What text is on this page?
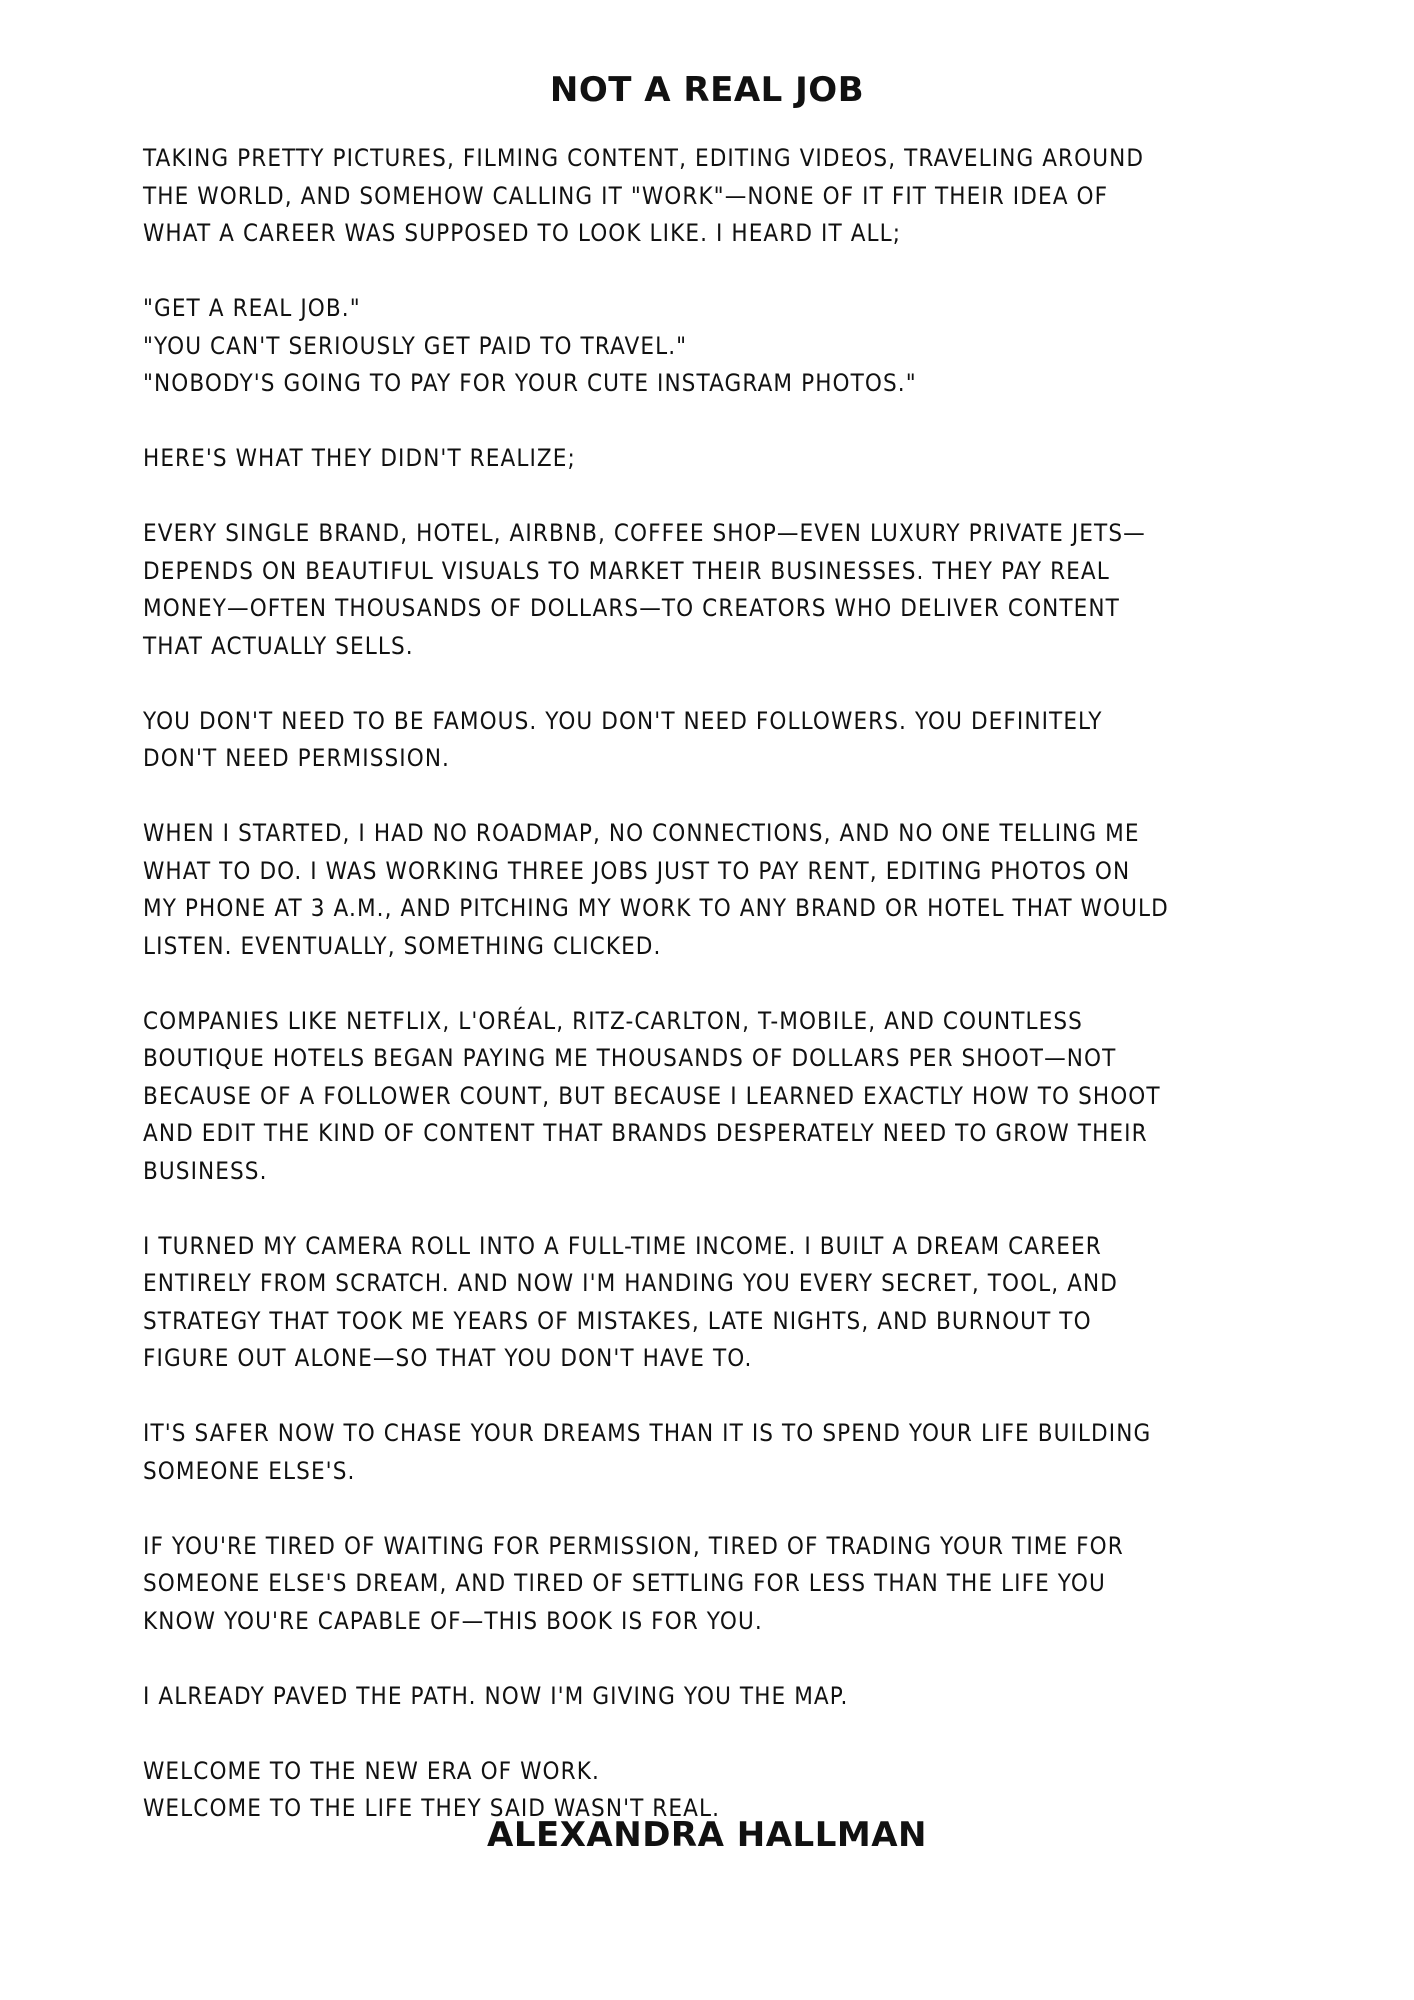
NOT A REAL JOB

TAKING PRETTY PICTURES, FILMING CONTENT, EDITING VIDEOS, TRAVELING AROUND THE WORLD, AND SOMEHOW CALLING IT "WORK"—NONE OF IT FIT THEIR IDEA OF WHAT A CAREER WAS SUPPOSED TO LOOK LIKE. I HEARD IT ALL;

"GET A REAL JOB."
"YOU CAN'T SERIOUSLY GET PAID TO TRAVEL."
"NOBODY'S GOING TO PAY FOR YOUR CUTE INSTAGRAM PHOTOS."

HERE'S WHAT THEY DIDN'T REALIZE;

EVERY SINGLE BRAND, HOTEL, AIRBNB, COFFEE SHOP—EVEN LUXURY PRIVATE JETS—DEPENDS ON BEAUTIFUL VISUALS TO MARKET THEIR BUSINESSES. THEY PAY REAL MONEY—OFTEN THOUSANDS OF DOLLARS—TO CREATORS WHO DELIVER CONTENT THAT ACTUALLY SELLS.

YOU DON'T NEED TO BE FAMOUS. YOU DON'T NEED FOLLOWERS. YOU DEFINITELY DON'T NEED PERMISSION.

WHEN I STARTED, I HAD NO ROADMAP, NO CONNECTIONS, AND NO ONE TELLING ME WHAT TO DO. I WAS WORKING THREE JOBS JUST TO PAY RENT, EDITING PHOTOS ON MY PHONE AT 3 A.M., AND PITCHING MY WORK TO ANY BRAND OR HOTEL THAT WOULD LISTEN. EVENTUALLY, SOMETHING CLICKED.

COMPANIES LIKE NETFLIX, L'ORÉAL, RITZ-CARLTON, T-MOBILE, AND COUNTLESS BOUTIQUE HOTELS BEGAN PAYING ME THOUSANDS OF DOLLARS PER SHOOT—NOT BECAUSE OF A FOLLOWER COUNT, BUT BECAUSE I LEARNED EXACTLY HOW TO SHOOT AND EDIT THE KIND OF CONTENT THAT BRANDS DESPERATELY NEED TO GROW THEIR BUSINESS.

I TURNED MY CAMERA ROLL INTO A FULL-TIME INCOME. I BUILT A DREAM CAREER ENTIRELY FROM SCRATCH. AND NOW I'M HANDING YOU EVERY SECRET, TOOL, AND STRATEGY THAT TOOK ME YEARS OF MISTAKES, LATE NIGHTS, AND BURNOUT TO FIGURE OUT ALONE—SO THAT YOU DON'T HAVE TO.

IT'S SAFER NOW TO CHASE YOUR DREAMS THAN IT IS TO SPEND YOUR LIFE BUILDING SOMEONE ELSE'S.

IF YOU'RE TIRED OF WAITING FOR PERMISSION, TIRED OF TRADING YOUR TIME FOR SOMEONE ELSE'S DREAM, AND TIRED OF SETTLING FOR LESS THAN THE LIFE YOU KNOW YOU'RE CAPABLE OF—THIS BOOK IS FOR YOU.

I ALREADY PAVED THE PATH. NOW I'M GIVING YOU THE MAP.

WELCOME TO THE NEW ERA OF WORK.
WELCOME TO THE LIFE THEY SAID WASN'T REAL.

ALEXANDRA HALLMAN
